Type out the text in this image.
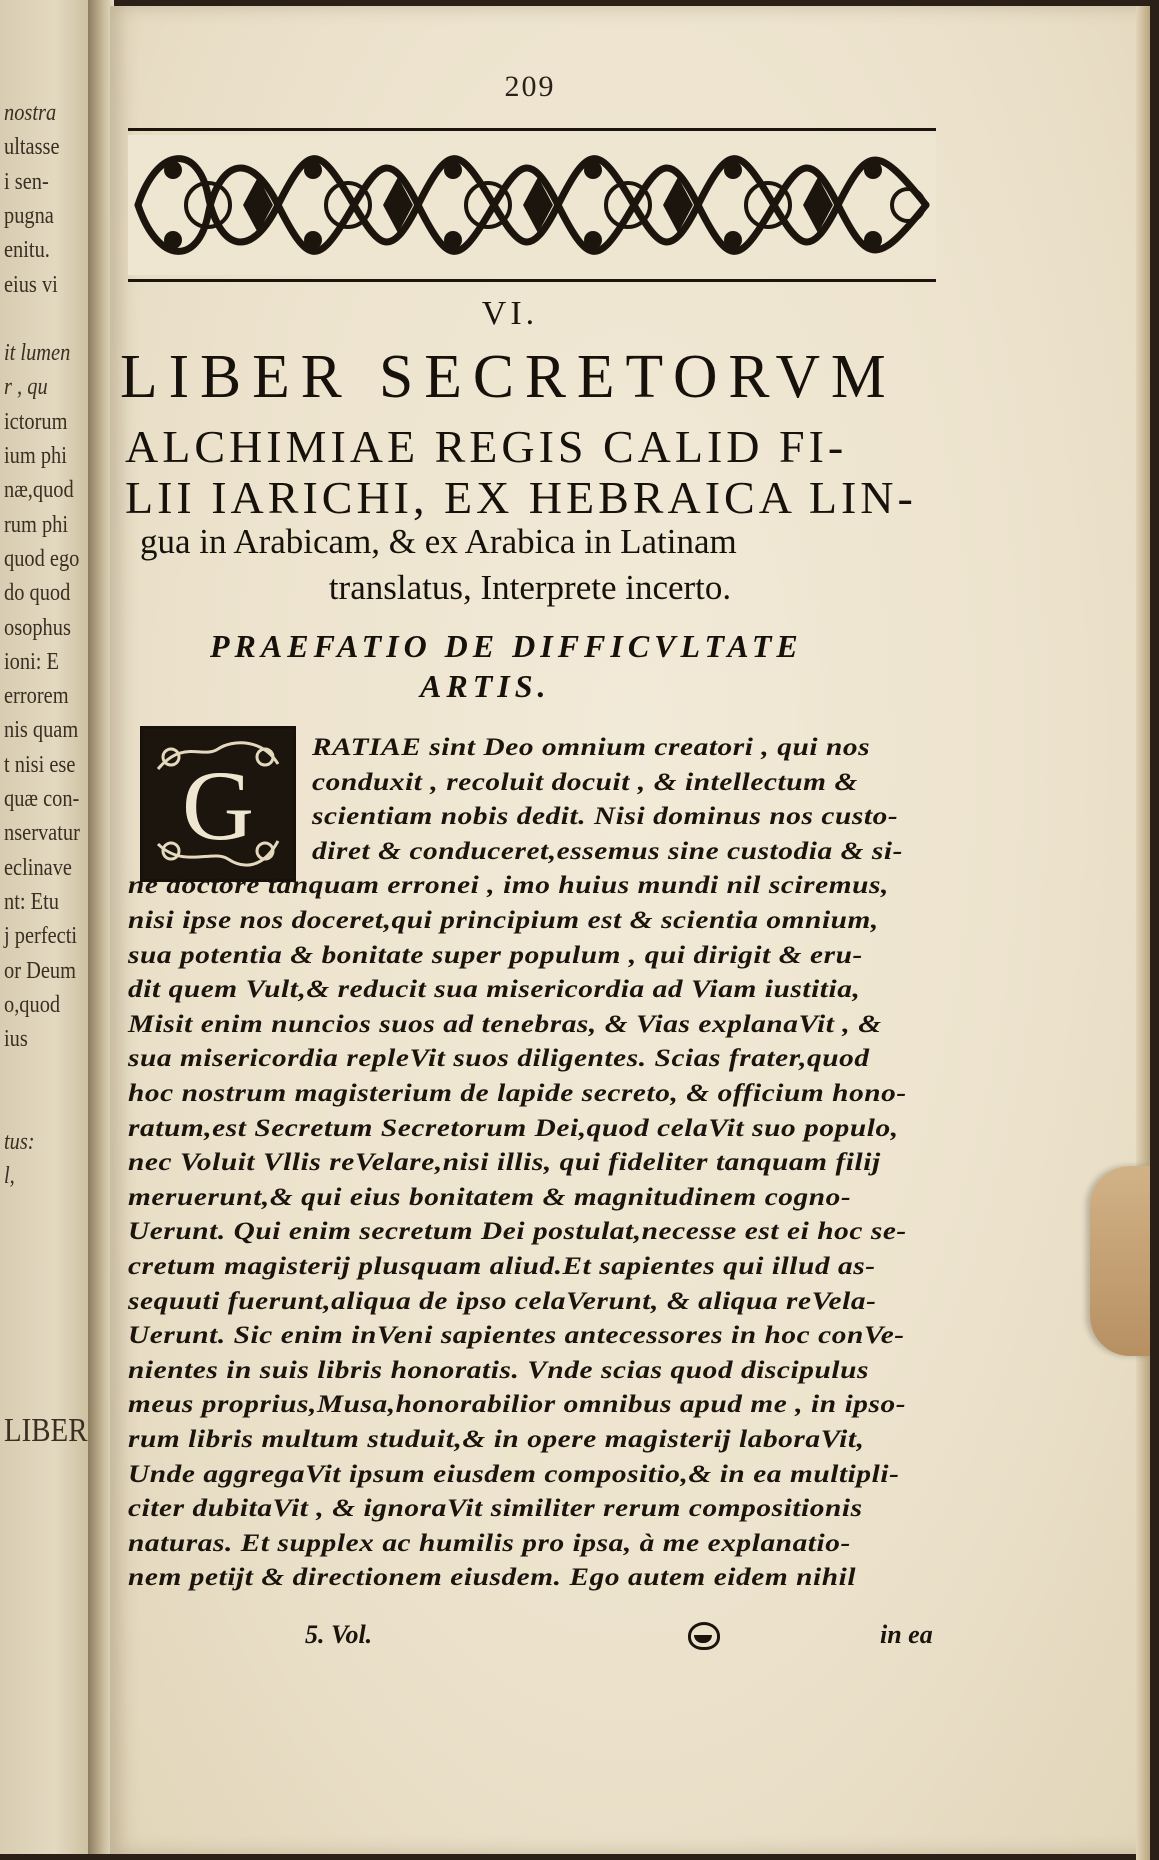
nostra
ultasse
i sen-
pugna
enitu.
eius vi
it lumen
r , qu
ictorum
ium phi
næ,quod
rum phi
quod ego
do quod
osophus
ioni: E
errorem
nis quam
t nisi ese
quæ con-
nservatur
eclinave
nt: Etu
j perfecti
or Deum
o,quod
ius
tus:
l,
LIBER
209
VI.
LIBER SECRETORVM
ALCHIMIAE REGIS CALID FI-
LII IARICHI, EX HEBRAICA LIN-
gua in Arabicam, & ex Arabica in Latinam
translatus, Interprete incerto.
PRAEFATIO DE DIFFICVLTATE
ARTIS.
G
RATIAE sint Deo omnium creatori , qui nos
conduxit , recoluit docuit , & intellectum &
scientiam nobis dedit. Nisi dominus nos custo-
diret & conduceret,essemus sine custodia & si-
ne doctore tanquam erronei , imo huius mundi nil sciremus,
nisi ipse nos doceret,qui principium est & scientia omnium,
sua potentia & bonitate super populum , qui dirigit & eru-
dit quem Vult,& reducit sua misericordia ad Viam iustitia,
Misit enim nuncios suos ad tenebras, & Vias explanaVit , &
sua misericordia repleVit suos diligentes. Scias frater,quod
hoc nostrum magisterium de lapide secreto, & officium hono-
ratum,est Secretum Secretorum Dei,quod celaVit suo populo,
nec Voluit Vllis reVelare,nisi illis, qui fideliter tanquam filij
meruerunt,& qui eius bonitatem & magnitudinem cogno-
Uerunt. Qui enim secretum Dei postulat,necesse est ei hoc se-
cretum magisterij plusquam aliud.Et sapientes qui illud as-
sequuti fuerunt,aliqua de ipso celaVerunt, & aliqua reVela-
Uerunt. Sic enim inVeni sapientes antecessores in hoc conVe-
nientes in suis libris honoratis. Vnde scias quod discipulus
meus proprius,Musa,honorabilior omnibus apud me , in ipso-
rum libris multum studuit,& in opere magisterij laboraVit,
Unde aggregaVit ipsum eiusdem compositio,& in ea multipli-
citer dubitaVit , & ignoraVit similiter rerum compositionis
naturas. Et supplex ac humilis pro ipsa, à me explanatio-
nem petijt & directionem eiusdem. Ego autem eidem nihil
5. Vol.	in ea
